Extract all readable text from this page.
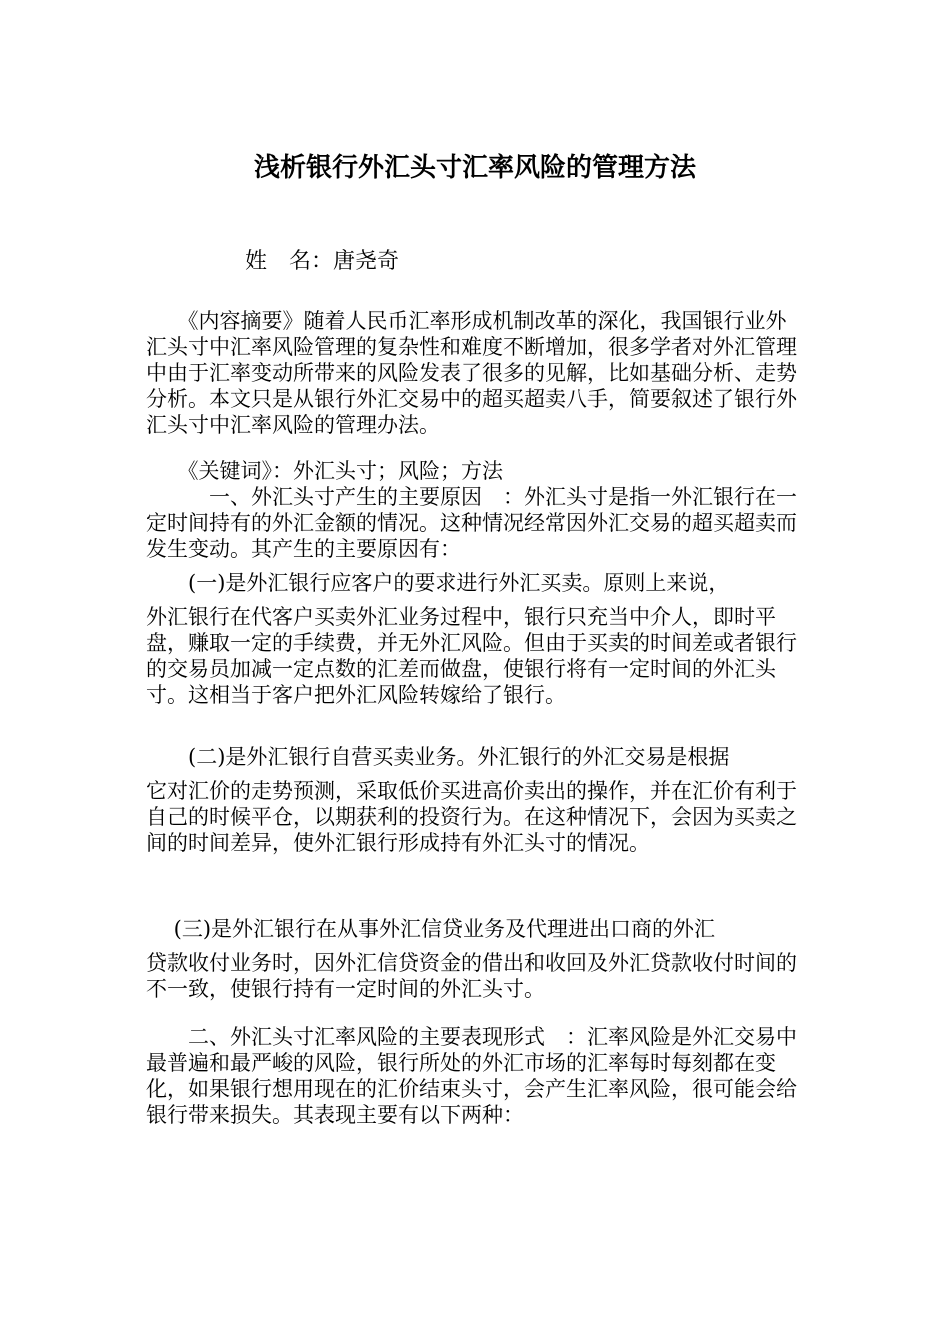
浅析银行外汇头寸汇率风险的管理方法
姓　名：唐尧奇

　　《内容摘要》随着人民币汇率形成机制改革的深化，我国银行业外汇头寸中汇率风险管理的复杂性和难度不断增加，很多学者对外汇管理中由于汇率变动所带来的风险发表了很多的见解，比如基础分析、走势分析。本文只是从银行外汇交易中的超买超卖八手，简要叙述了银行外汇头寸中汇率风险的管理办法。

　　《关键词》：外汇头寸；风险；方法

　　　一、外汇头寸产生的主要原因　：外汇头寸是指一外汇银行在一定时间持有的外汇金额的情况。这种情况经常因外汇交易的超买超卖而发生变动。其产生的主要原因有：

　　(一)是外汇银行应客户的要求进行外汇买卖。原则上来说，
外汇银行在代客户买卖外汇业务过程中，银行只充当中介人，即时平盘，赚取一定的手续费，并无外汇风险。但由于买卖的时间差或者银行的交易员加减一定点数的汇差而做盘，使银行将有一定时间的外汇头寸。这相当于客户把外汇风险转嫁给了银行。
　　(二)是外汇银行自营买卖业务。外汇银行的外汇交易是根据
它对汇价的走势预测，采取低价买进高价卖出的操作，并在汇价有利于自己的时候平仓，以期获利的投资行为。在这种情况下，会因为买卖之间的时间差异，使外汇银行形成持有外汇头寸的情况。
　 (三)是外汇银行在从事外汇信贷业务及代理进出口商的外汇
贷款收付业务时，因外汇信贷资金的借出和收回及外汇贷款收付时间的不一致，使银行持有一定时间的外汇头寸。

　　二、外汇头寸汇率风险的主要表现形式　：汇率风险是外汇交易中最普遍和最严峻的风险，银行所处的外汇市场的汇率每时每刻都在变化，如果银行想用现在的汇价结束头寸，会产生汇率风险，很可能会给银行带来损失。其表现主要有以下两种：
